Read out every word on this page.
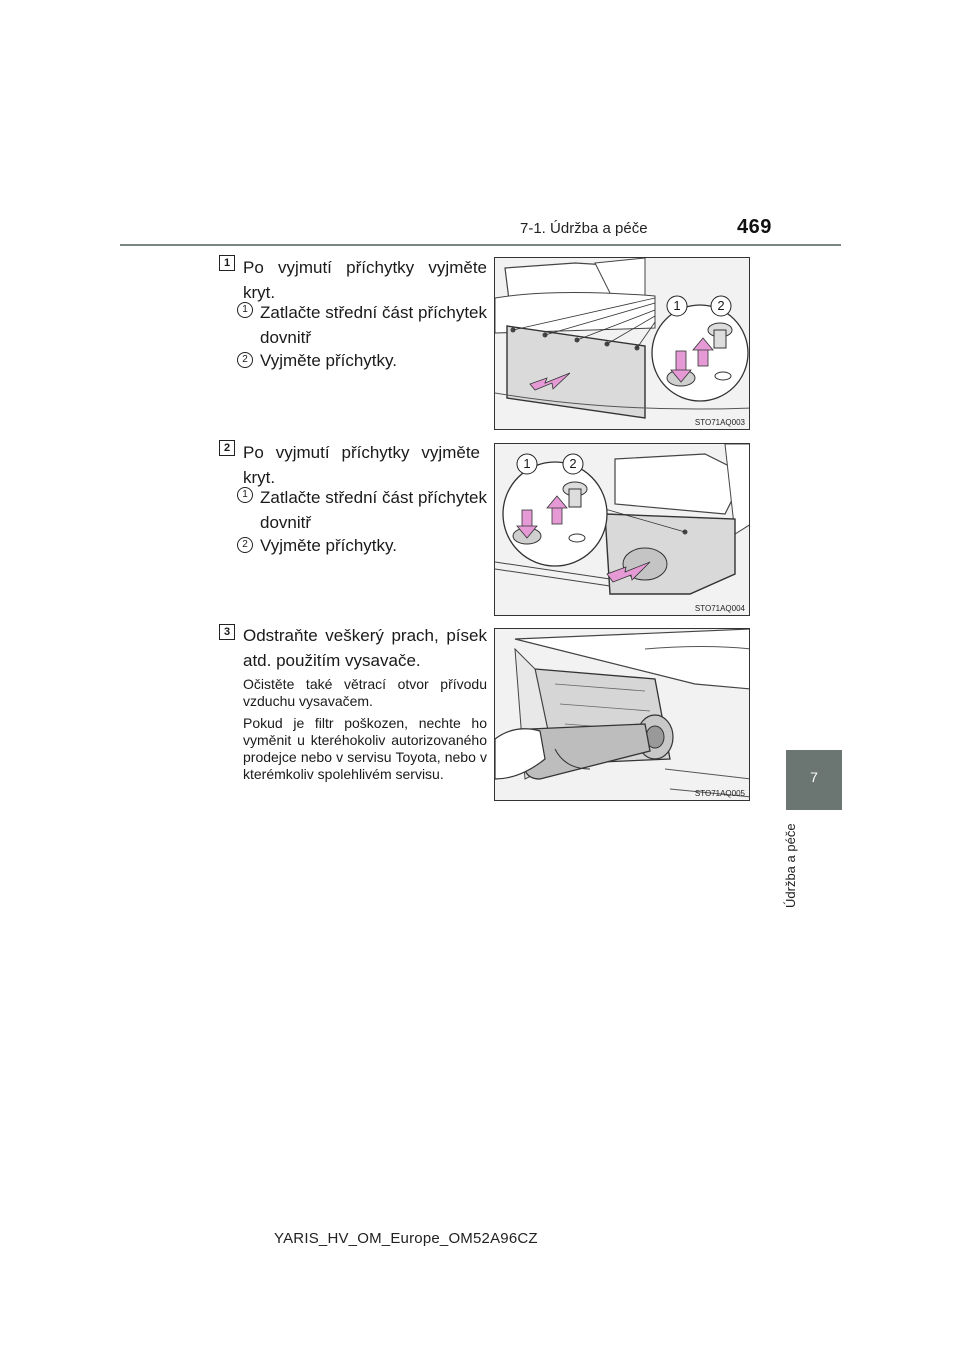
7-1. Údržba a péče	469
7
Údržba a péče
1 Po vyjmutí příchytky vyjměte kryt.
1 Zatlačte střední část příchytek dovnitř
2 Vyjměte příchytky.
1	2
STO71AQ003
2 Po vyjmutí příchytky vyjměte kryt.
1 Zatlačte střední část příchytek dovnitř
2 Vyjměte příchytky.
1	2
STO71AQ004
3 Odstraňte veškerý prach, písek atd. použitím vysavače.
Očistěte také větrací otvor přívodu vzduchu vysavačem.
Pokud je filtr poškozen, nechte ho vyměnit u kteréhokoliv autorizovaného prodejce nebo v servisu Toyota, nebo v kterémkoliv spolehlivém servisu.
STO71AQ005
YARIS_HV_OM_Europe_OM52A96CZ
